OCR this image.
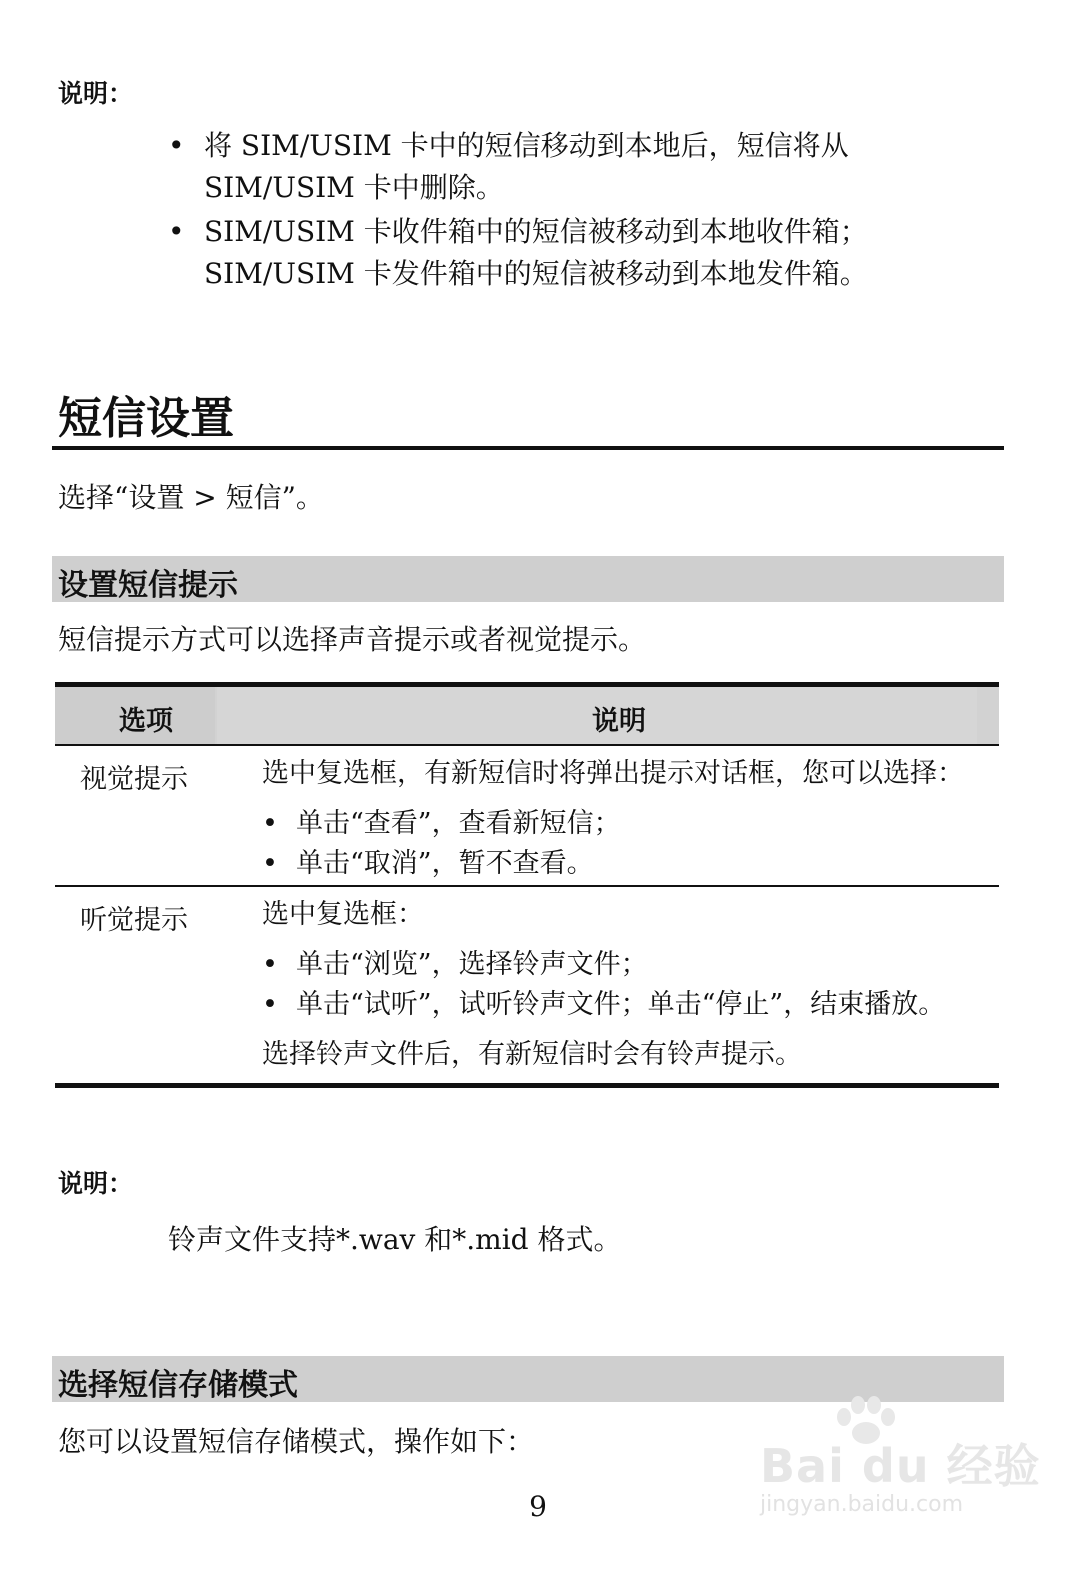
说明：
• 将 SIM/USIM 卡中的短信移动到本地后，短信将从 SIM/USIM 卡中删除。
• SIM/USIM 卡收件箱中的短信被移动到本地收件箱；SIM/USIM 卡发件箱中的短信被移动到本地发件箱。
短信设置
选择“设置 > 短信”。
设置短信提示
短信提示方式可以选择声音提示或者视觉提示。
选项	说明
视觉提示	选中复选框，有新短信时将弹出提示对话框，您可以选择：
• 单击“查看”，查看新短信；
• 单击“取消”，暂不查看。
听觉提示	选中复选框：
• 单击“浏览”，选择铃声文件；
• 单击“试听”，试听铃声文件；单击“停止”，结束播放。
选择铃声文件后，有新短信时会有铃声提示。
说明：
铃声文件支持*.wav 和*.mid 格式。
选择短信存储模式
您可以设置短信存储模式，操作如下：	Bai du 经验
jingyan.baidu.com
9
